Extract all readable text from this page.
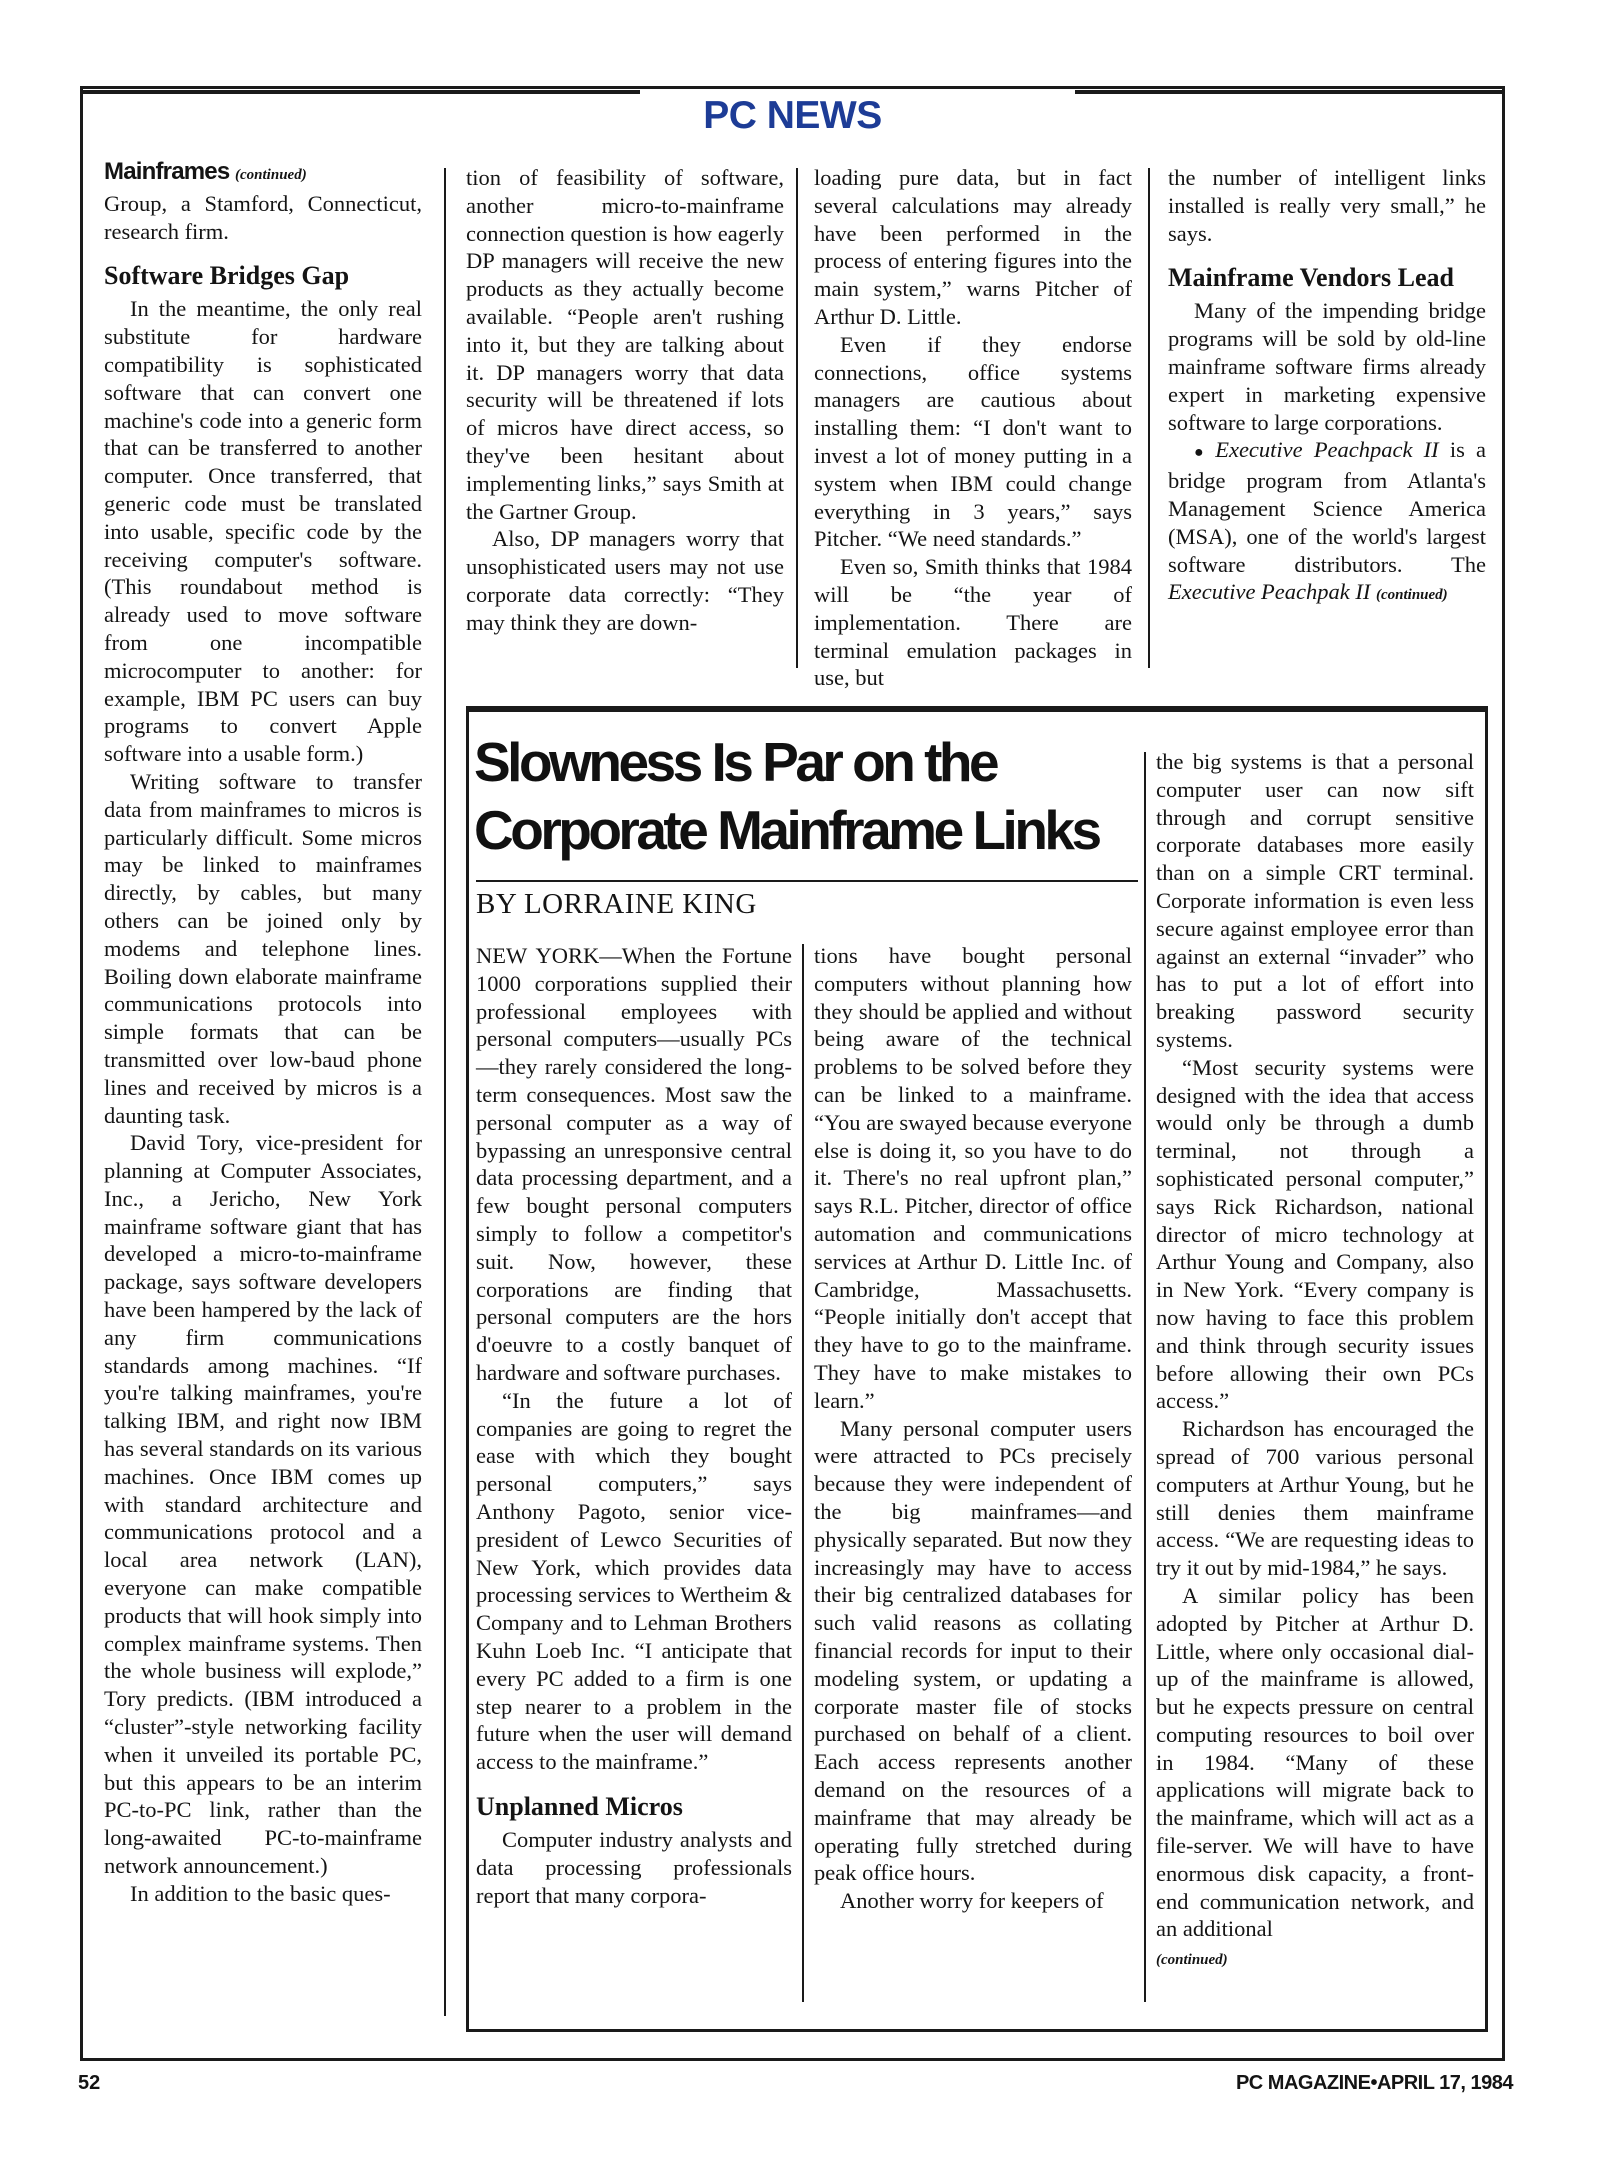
PC NEWS

Mainframes (continued)

Group, a Stamford, Connecticut, research firm.

Software Bridges Gap

In the meantime, the only real substitute for hardware compatibility is sophisticated software that can convert one machine's code into a generic form that can be transferred to another computer. Once transferred, that generic code must be translated into usable, specific code by the receiving computer's software. (This roundabout method is already used to move software from one incompatible microcomputer to another: for example, IBM PC users can buy programs to convert Apple software into a usable form.)

Writing software to transfer data from mainframes to micros is particularly difficult. Some micros may be linked to mainframes directly, by cables, but many others can be joined only by modems and telephone lines. Boiling down elaborate mainframe communications protocols into simple formats that can be transmitted over low-baud phone lines and received by micros is a daunting task.

David Tory, vice-president for planning at Computer Associates, Inc., a Jericho, New York mainframe software giant that has developed a micro-to-mainframe package, says software developers have been hampered by the lack of any firm communications standards among machines. “If you're talking mainframes, you're talking IBM, and right now IBM has several standards on its various machines. Once IBM comes up with standard architecture and communications protocol and a local area network (LAN), everyone can make compatible products that will hook simply into complex mainframe systems. Then the whole business will explode,” Tory predicts. (IBM introduced a “cluster”-style networking facility when it unveiled its portable PC, but this appears to be an interim PC-to-PC link, rather than the long-awaited PC-to-mainframe network announcement.)

In addition to the basic ques-

tion of feasibility of software, another micro-to-mainframe connection question is how eagerly DP managers will receive the new products as they actually become available. “People aren't rushing into it, but they are talking about it. DP managers worry that data security will be threatened if lots of micros have direct access, so they've been hesitant about implementing links,” says Smith at the Gartner Group.

Also, DP managers worry that unsophisticated users may not use corporate data correctly: “They may think they are down-

loading pure data, but in fact several calculations may already have been performed in the process of entering figures into the main system,” warns Pitcher of Arthur D. Little.

Even if they endorse connections, office systems managers are cautious about installing them: “I don't want to invest a lot of money putting in a system when IBM could change everything in 3 years,” says Pitcher. “We need standards.”

Even so, Smith thinks that 1984 will be “the year of implementation. There are terminal emulation packages in use, but

the number of intelligent links installed is really very small,” he says.

Mainframe Vendors Lead

Many of the impending bridge programs will be sold by old-line mainframe software firms already expert in marketing expensive software to large corporations.

● Executive Peachpack II is a bridge program from Atlanta's Management Science America (MSA), one of the world's largest software distributors. The Executive Peachpak II (continued)

Slowness Is Par on the Corporate Mainframe Links
BY LORRAINE KING

NEW YORK—When the Fortune 1000 corporations supplied their professional employees with personal computers—usually PCs—they rarely considered the long-term consequences. Most saw the personal computer as a way of bypassing an unresponsive central data processing department, and a few bought personal computers simply to follow a competitor's suit. Now, however, these corporations are finding that personal computers are the hors d'oeuvre to a costly banquet of hardware and software purchases.

“In the future a lot of companies are going to regret the ease with which they bought personal computers,” says Anthony Pagoto, senior vice-president of Lewco Securities of New York, which provides data processing services to Wertheim & Company and to Lehman Brothers Kuhn Loeb Inc. “I anticipate that every PC added to a firm is one step nearer to a problem in the future when the user will demand access to the mainframe.”

Unplanned Micros

Computer industry analysts and data processing professionals report that many corpora-

tions have bought personal computers without planning how they should be applied and without being aware of the technical problems to be solved before they can be linked to a mainframe. “You are swayed because everyone else is doing it, so you have to do it. There's no real upfront plan,” says R.L. Pitcher, director of office automation and communications services at Arthur D. Little Inc. of Cambridge, Massachusetts. “People initially don't accept that they have to go to the mainframe. They have to make mistakes to learn.”

Many personal computer users were attracted to PCs precisely because they were independent of the big mainframes—and physically separated. But now they increasingly may have to access their big centralized databases for such valid reasons as collating financial records for input to their modeling system, or updating a corporate master file of stocks purchased on behalf of a client. Each access represents another demand on the resources of a mainframe that may already be operating fully stretched during peak office hours.

Another worry for keepers of

the big systems is that a personal computer user can now sift through and corrupt sensitive corporate databases more easily than on a simple CRT terminal. Corporate information is even less secure against employee error than against an external “invader” who has to put a lot of effort into breaking password security systems.

“Most security systems were designed with the idea that access would only be through a dumb terminal, not through a sophisticated personal computer,” says Rick Richardson, national director of micro technology at Arthur Young and Company, also in New York. “Every company is now having to face this problem and think through security issues before allowing their own PCs access.”

Richardson has encouraged the spread of 700 various personal computers at Arthur Young, but he still denies them mainframe access. “We are requesting ideas to try it out by mid-1984,” he says.

A similar policy has been adopted by Pitcher at Arthur D. Little, where only occasional dial-up of the mainframe is allowed, but he expects pressure on central computing resources to boil over in 1984. “Many of these applications will migrate back to the mainframe, which will act as a file-server. We will have to have enormous disk capacity, a front-end communication network, and an additional

(continued)

52	PC MAGAZINE•APRIL 17, 1984
